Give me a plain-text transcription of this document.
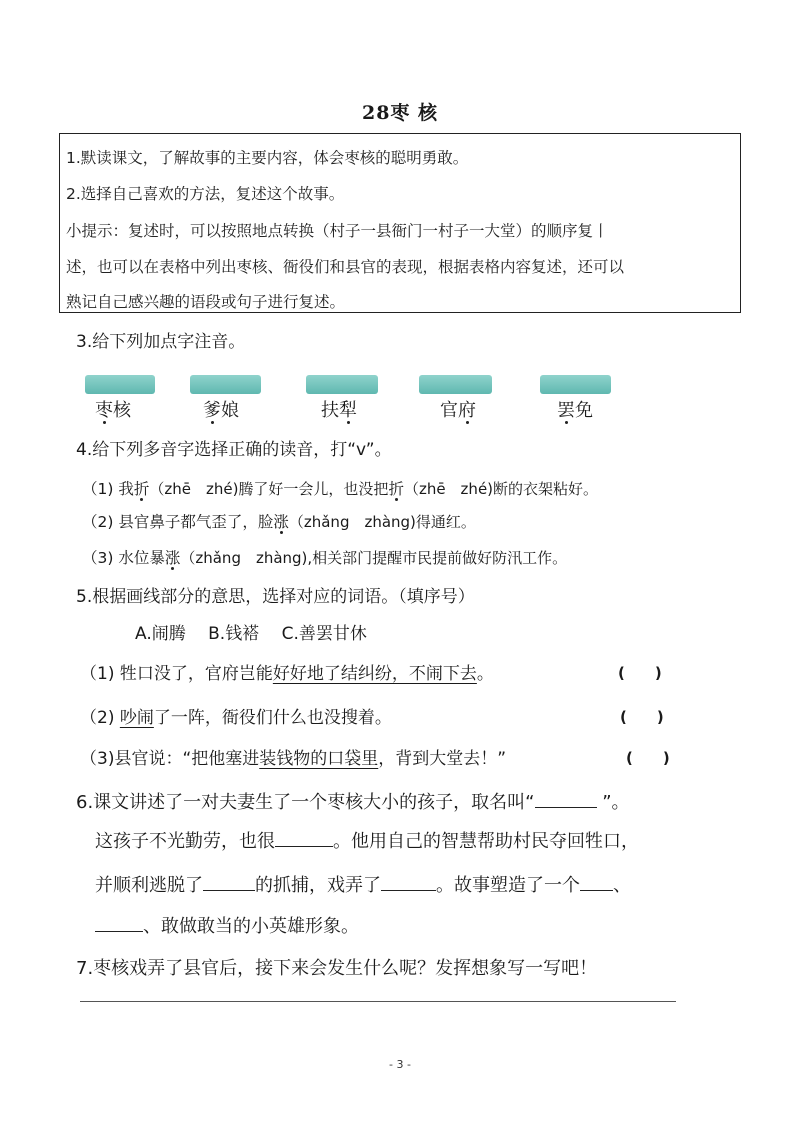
28枣 核
1.默读课文，了解故事的主要内容，体会枣核的聪明勇敢。
2.选择自己喜欢的方法，复述这个故事。
小提示：复述时，可以按照地点转换（村子一县衙门一村子一大堂）的顺序复丨
述，也可以在表格中列出枣核、衙役们和县官的表现，根据表格内容复述，还可以
熟记自己感兴趣的语段或句子进行复述。
3.给下列加点字注音。
枣核	爹娘	扶犁	官府	罢免
4.给下列多音字选择正确的读音，打“v”。
（1) 我折（zhē　zhé)腾了好一会儿，也没把折（zhē　zhé)断的衣架粘好。
（2) 县官鼻子都气歪了，脸涨（zhǎng　zhàng)得通红。
（3) 水位暴涨（zhǎng　zhàng),相关部门提醒市民提前做好防汛工作。
5.根据画线部分的意思，选择对应的词语。（填序号）
A.闹腾　 B.钱褡　 C.善罢甘休
（1) 牲口没了，官府岂能好好地了结纠纷，不闹下去。	(　　)
（2) 吵闹了一阵，衙役们什么也没搜着。	(　　)
（3)县官说：“把他塞进装钱物的口袋里，背到大堂去！”	(　　)
6.课文讲述了一对夫妻生了一个枣核大小的孩子，取名叫“	”。
这孩子不光勤劳，也很	。他用自己的智慧帮助村民夺回牲口，
并顺利逃脱了	的抓捕，戏弄了	。故事塑造了一个 、
、敢做敢当的小英雄形象。
7.枣核戏弄了县官后，接下来会发生什么呢？发挥想象写一写吧！
- 3 -
